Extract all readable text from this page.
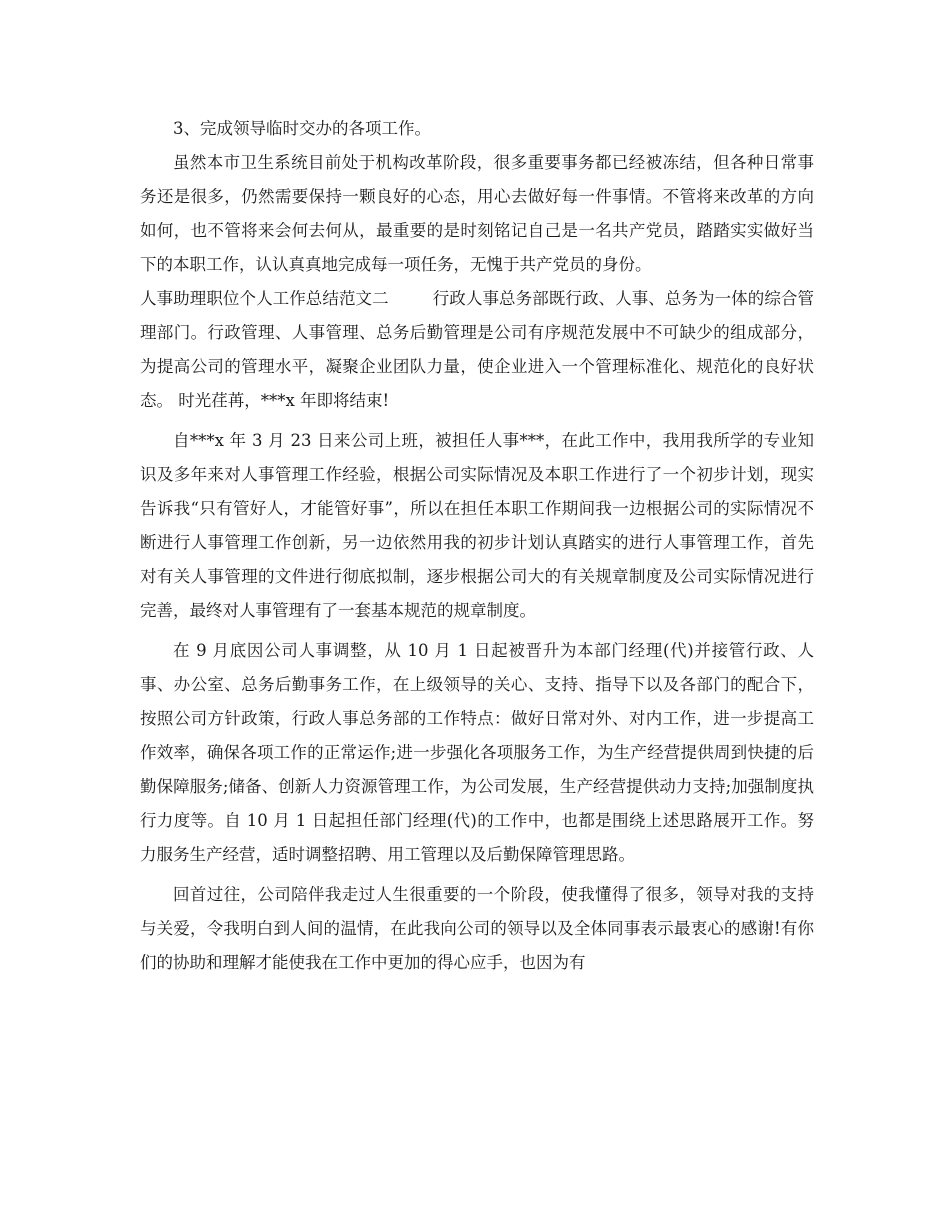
3、完成领导临时交办的各项工作。

虽然本市卫生系统目前处于机构改革阶段，很多重要事务都已经被冻结，但各种日常事务还是很多，仍然需要保持一颗良好的心态，用心去做好每一件事情。不管将来改革的方向如何，也不管将来会何去何从，最重要的是时刻铭记自己是一名共产党员，踏踏实实做好当下的本职工作，认认真真地完成每一项任务，无愧于共产党员的身份。

人事助理职位个人工作总结范文二	行政人事总务部既行政、人事、总务为一体的综合管理部门。行政管理、人事管理、总务后勤管理是公司有序规范发展中不可缺少的组成部分，为提高公司的管理水平，凝聚企业团队力量，使企业进入一个管理标准化、规范化的良好状态。 时光荏苒，***x 年即将结束!

自***x 年 3 月 23 日来公司上班，被担任人事***，在此工作中，我用我所学的专业知识及多年来对人事管理工作经验，根据公司实际情况及本职工作进行了一个初步计划，现实告诉我“只有管好人，才能管好事”，所以在担任本职工作期间我一边根据公司的实际情况不断进行人事管理工作创新，另一边依然用我的初步计划认真踏实的进行人事管理工作，首先对有关人事管理的文件进行彻底拟制，逐步根据公司大的有关规章制度及公司实际情况进行完善，最终对人事管理有了一套基本规范的规章制度。

在 9 月底因公司人事调整，从 10 月 1 日起被晋升为本部门经理(代)并接管行政、人事、办公室、总务后勤事务工作，在上级领导的关心、支持、指导下以及各部门的配合下，按照公司方针政策，行政人事总务部的工作特点：做好日常对外、对内工作，进一步提高工作效率，确保各项工作的正常运作;进一步强化各项服务工作，为生产经营提供周到快捷的后勤保障服务;储备、创新人力资源管理工作，为公司发展，生产经营提供动力支持;加强制度执行力度等。自 10 月 1 日起担任部门经理(代)的工作中，也都是围绕上述思路展开工作。努力服务生产经营，适时调整招聘、用工管理以及后勤保障管理思路。

回首过往，公司陪伴我走过人生很重要的一个阶段，使我懂得了很多，领导对我的支持与关爱，令我明白到人间的温情，在此我向公司的领导以及全体同事表示最衷心的感谢!有你们的协助和理解才能使我在工作中更加的得心应手，也因为有
